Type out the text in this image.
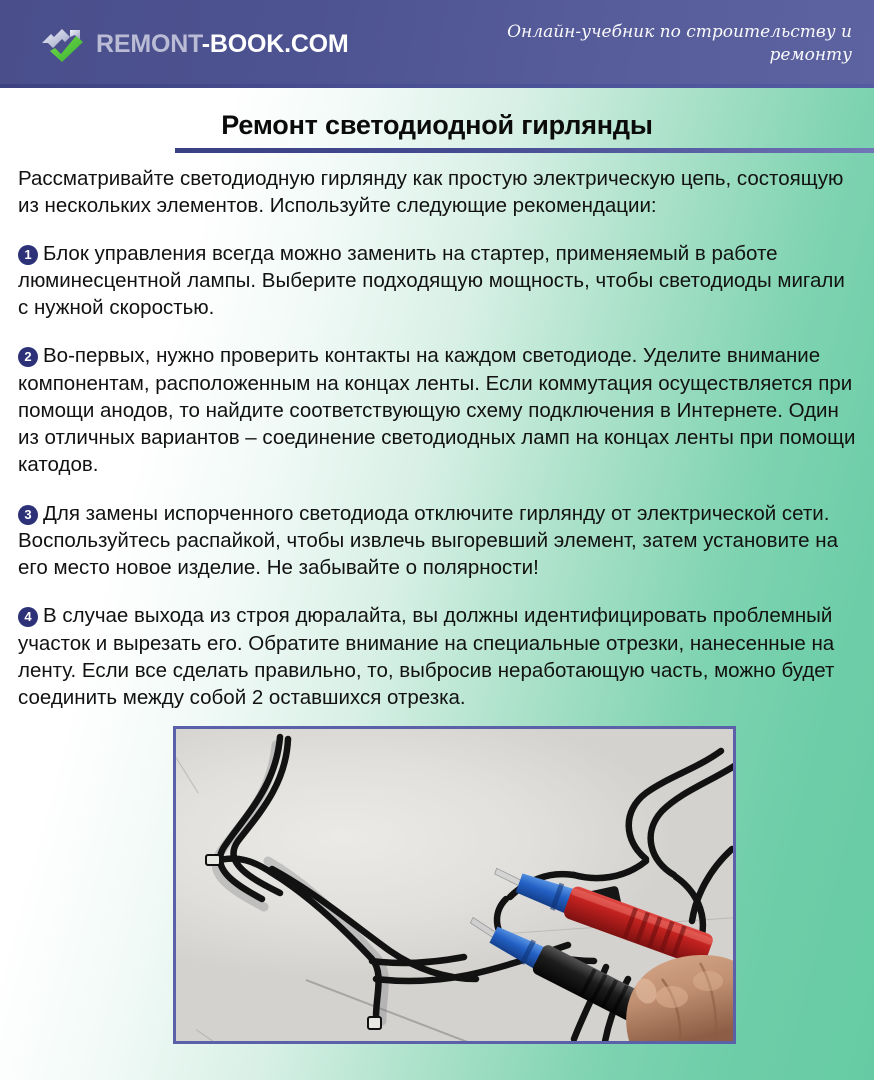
REMONT-BOOK.COM	Онлайн-учебник по строительству и ремонту
Ремонт светодиодной гирлянды

Рассматривайте светодиодную гирлянду как простую электрическую цепь, состоящую из нескольких элементов. Используйте следующие рекомендации:

1 Блок управления всегда можно заменить на стартер, применяемый в работе люминесцентной лампы. Выберите подходящую мощность, чтобы светодиоды мигали с нужной скоростью.

2 Во-первых, нужно проверить контакты на каждом светодиоде. Уделите внимание компонентам, расположенным на концах ленты. Если коммутация осуществляется при помощи анодов, то найдите соответствующую схему подключения в Интернете. Один из отличных вариантов – соединение светодиодных ламп на концах ленты при помощи катодов.

3 Для замены испорченного светодиода отключите гирлянду от электрической сети. Воспользуйтесь распайкой, чтобы извлечь выгоревший элемент, затем установите на его место новое изделие. Не забывайте о полярности!

4 В случае выхода из строя дюралайта, вы должны идентифицировать проблемный участок и вырезать его. Обратите внимание на специальные отрезки, нанесенные на ленту. Если все сделать правильно, то, выбросив неработающую часть, можно будет соединить между собой 2 оставшихся отрезка.
